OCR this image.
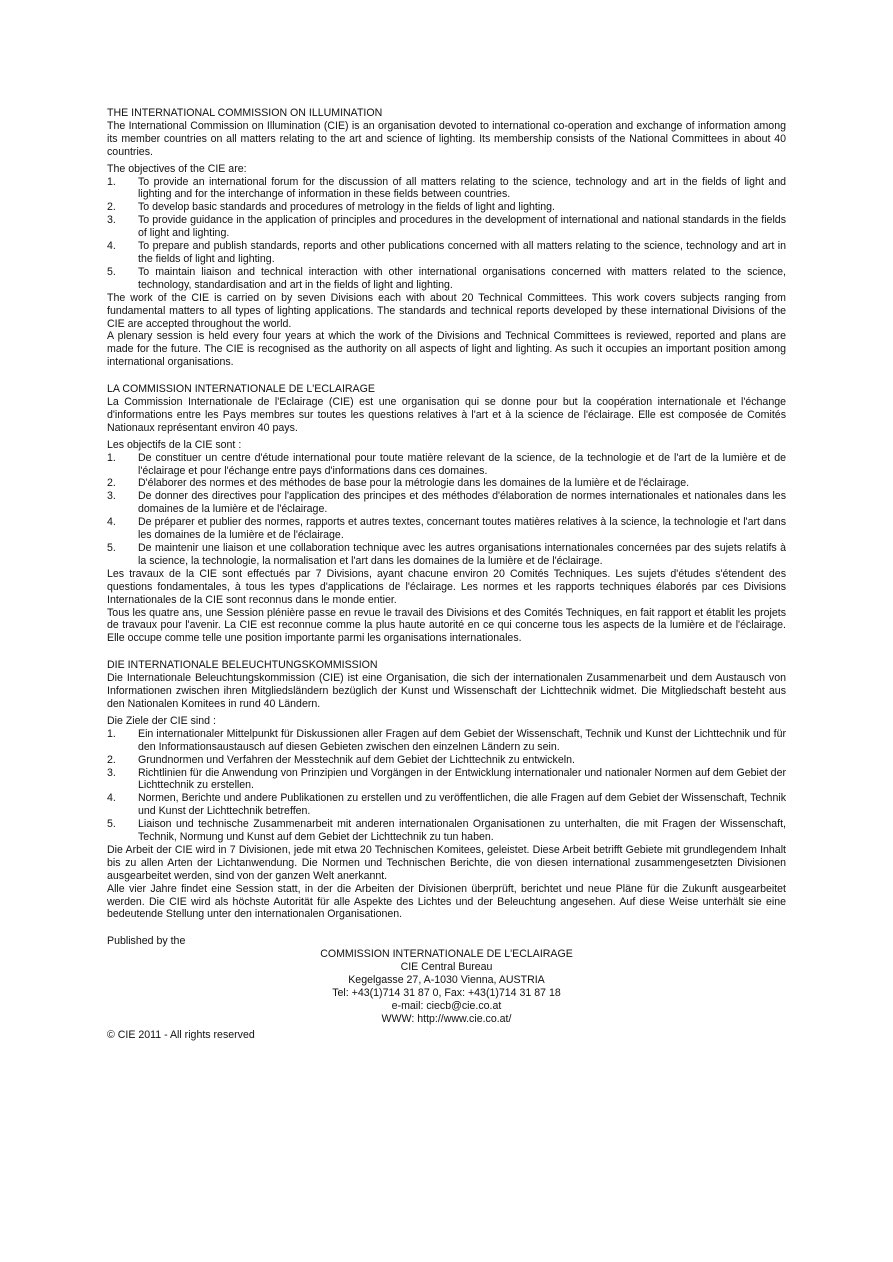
THE INTERNATIONAL COMMISSION ON ILLUMINATION

The International Commission on Illumination (CIE) is an organisation devoted to international co-operation and exchange of information among its member countries on all matters relating to the art and science of lighting. Its membership consists of the National Committees in about 40 countries.

The objectives of the CIE are:
1.	To provide an international forum for the discussion of all matters relating to the science, technology and art in the fields of light and lighting and for the interchange of information in these fields between countries.
2.	To develop basic standards and procedures of metrology in the fields of light and lighting.
3.	To provide guidance in the application of principles and procedures in the development of international and national standards in the fields of light and lighting.
4.	To prepare and publish standards, reports and other publications concerned with all matters relating to the science, technology and art in the fields of light and lighting.
5.	To maintain liaison and technical interaction with other international organisations concerned with matters related to the science, technology, standardisation and art in the fields of light and lighting.

The work of the CIE is carried on by seven Divisions each with about 20 Technical Committees. This work covers subjects ranging from fundamental matters to all types of lighting applications. The standards and technical reports developed by these international Divisions of the CIE are accepted throughout the world.

A plenary session is held every four years at which the work of the Divisions and Technical Committees is reviewed, reported and plans are made for the future. The CIE is recognised as the authority on all aspects of light and lighting. As such it occupies an important position among international organisations.

LA COMMISSION INTERNATIONALE DE L'ECLAIRAGE

La Commission Internationale de l'Eclairage (CIE) est une organisation qui se donne pour but la coopération internationale et l'échange d'informations entre les Pays membres sur toutes les questions relatives à l'art et à la science de l'éclairage. Elle est composée de Comités Nationaux représentant environ 40 pays.

Les objectifs de la CIE sont :
1.	De constituer un centre d'étude international pour toute matière relevant de la science, de la technologie et de l'art de la lumière et de l'éclairage et pour l'échange entre pays d'informations dans ces domaines.
2.	D'élaborer des normes et des méthodes de base pour la métrologie dans les domaines de la lumière et de l'éclairage.
3.	De donner des directives pour l'application des principes et des méthodes d'élaboration de normes internationales et nationales dans les domaines de la lumière et de l'éclairage.
4.	De préparer et publier des normes, rapports et autres textes, concernant toutes matières relatives à la science, la technologie et l'art dans les domaines de la lumière et de l'éclairage.
5.	De maintenir une liaison et une collaboration technique avec les autres organisations internationales concernées par des sujets relatifs à la science, la technologie, la normalisation et l'art dans les domaines de la lumière et de l'éclairage.

Les travaux de la CIE sont effectués par 7 Divisions, ayant chacune environ 20 Comités Techniques. Les sujets d'études s'étendent des questions fondamentales, à tous les types d'applications de l'éclairage. Les normes et les rapports techniques élaborés par ces Divisions Internationales de la CIE sont reconnus dans le monde entier.

Tous les quatre ans, une Session plénière passe en revue le travail des Divisions et des Comités Techniques, en fait rapport et établit les projets de travaux pour l'avenir. La CIE est reconnue comme la plus haute autorité en ce qui concerne tous les aspects de la lumière et de l'éclairage. Elle occupe comme telle une position importante parmi les organisations internationales.

DIE INTERNATIONALE BELEUCHTUNGSKOMMISSION

Die Internationale Beleuchtungskommission (CIE) ist eine Organisation, die sich der internationalen Zusammenarbeit und dem Austausch von Informationen zwischen ihren Mitgliedsländern bezüglich der Kunst und Wissenschaft der Lichttechnik widmet. Die Mitgliedschaft besteht aus den Nationalen Komitees in rund 40 Ländern.

Die Ziele der CIE sind :
1.	Ein internationaler Mittelpunkt für Diskussionen aller Fragen auf dem Gebiet der Wissenschaft, Technik und Kunst der Lichttechnik und für den Informationsaustausch auf diesen Gebieten zwischen den einzelnen Ländern zu sein.
2.	Grundnormen und Verfahren der Messtechnik auf dem Gebiet der Lichttechnik zu entwickeln.
3.	Richtlinien für die Anwendung von Prinzipien und Vorgängen in der Entwicklung internationaler und nationaler Normen auf dem Gebiet der Lichttechnik zu erstellen.
4.	Normen, Berichte und andere Publikationen zu erstellen und zu veröffentlichen, die alle Fragen auf dem Gebiet der Wissenschaft, Technik und Kunst der Lichttechnik betreffen.
5.	Liaison und technische Zusammenarbeit mit anderen internationalen Organisationen zu unterhalten, die mit Fragen der Wissenschaft, Technik, Normung und Kunst auf dem Gebiet der Lichttechnik zu tun haben.

Die Arbeit der CIE wird in 7 Divisionen, jede mit etwa 20 Technischen Komitees, geleistet. Diese Arbeit betrifft Gebiete mit grundlegendem Inhalt bis zu allen Arten der Lichtanwendung. Die Normen und Technischen Berichte, die von diesen international zusammengesetzten Divisionen ausgearbeitet werden, sind von der ganzen Welt anerkannt.

Alle vier Jahre findet eine Session statt, in der die Arbeiten der Divisionen überprüft, berichtet und neue Pläne für die Zukunft ausgearbeitet werden. Die CIE wird als höchste Autorität für alle Aspekte des Lichtes und der Beleuchtung angesehen. Auf diese Weise unterhält sie eine bedeutende Stellung unter den internationalen Organisationen.

Published by the
COMMISSION INTERNATIONALE DE L'ECLAIRAGE
CIE Central Bureau
Kegelgasse 27, A-1030 Vienna, AUSTRIA
Tel: +43(1)714 31 87 0, Fax: +43(1)714 31 87 18
e-mail: ciecb@cie.co.at
WWW: http://www.cie.co.at/
© CIE 2011 - All rights reserved
